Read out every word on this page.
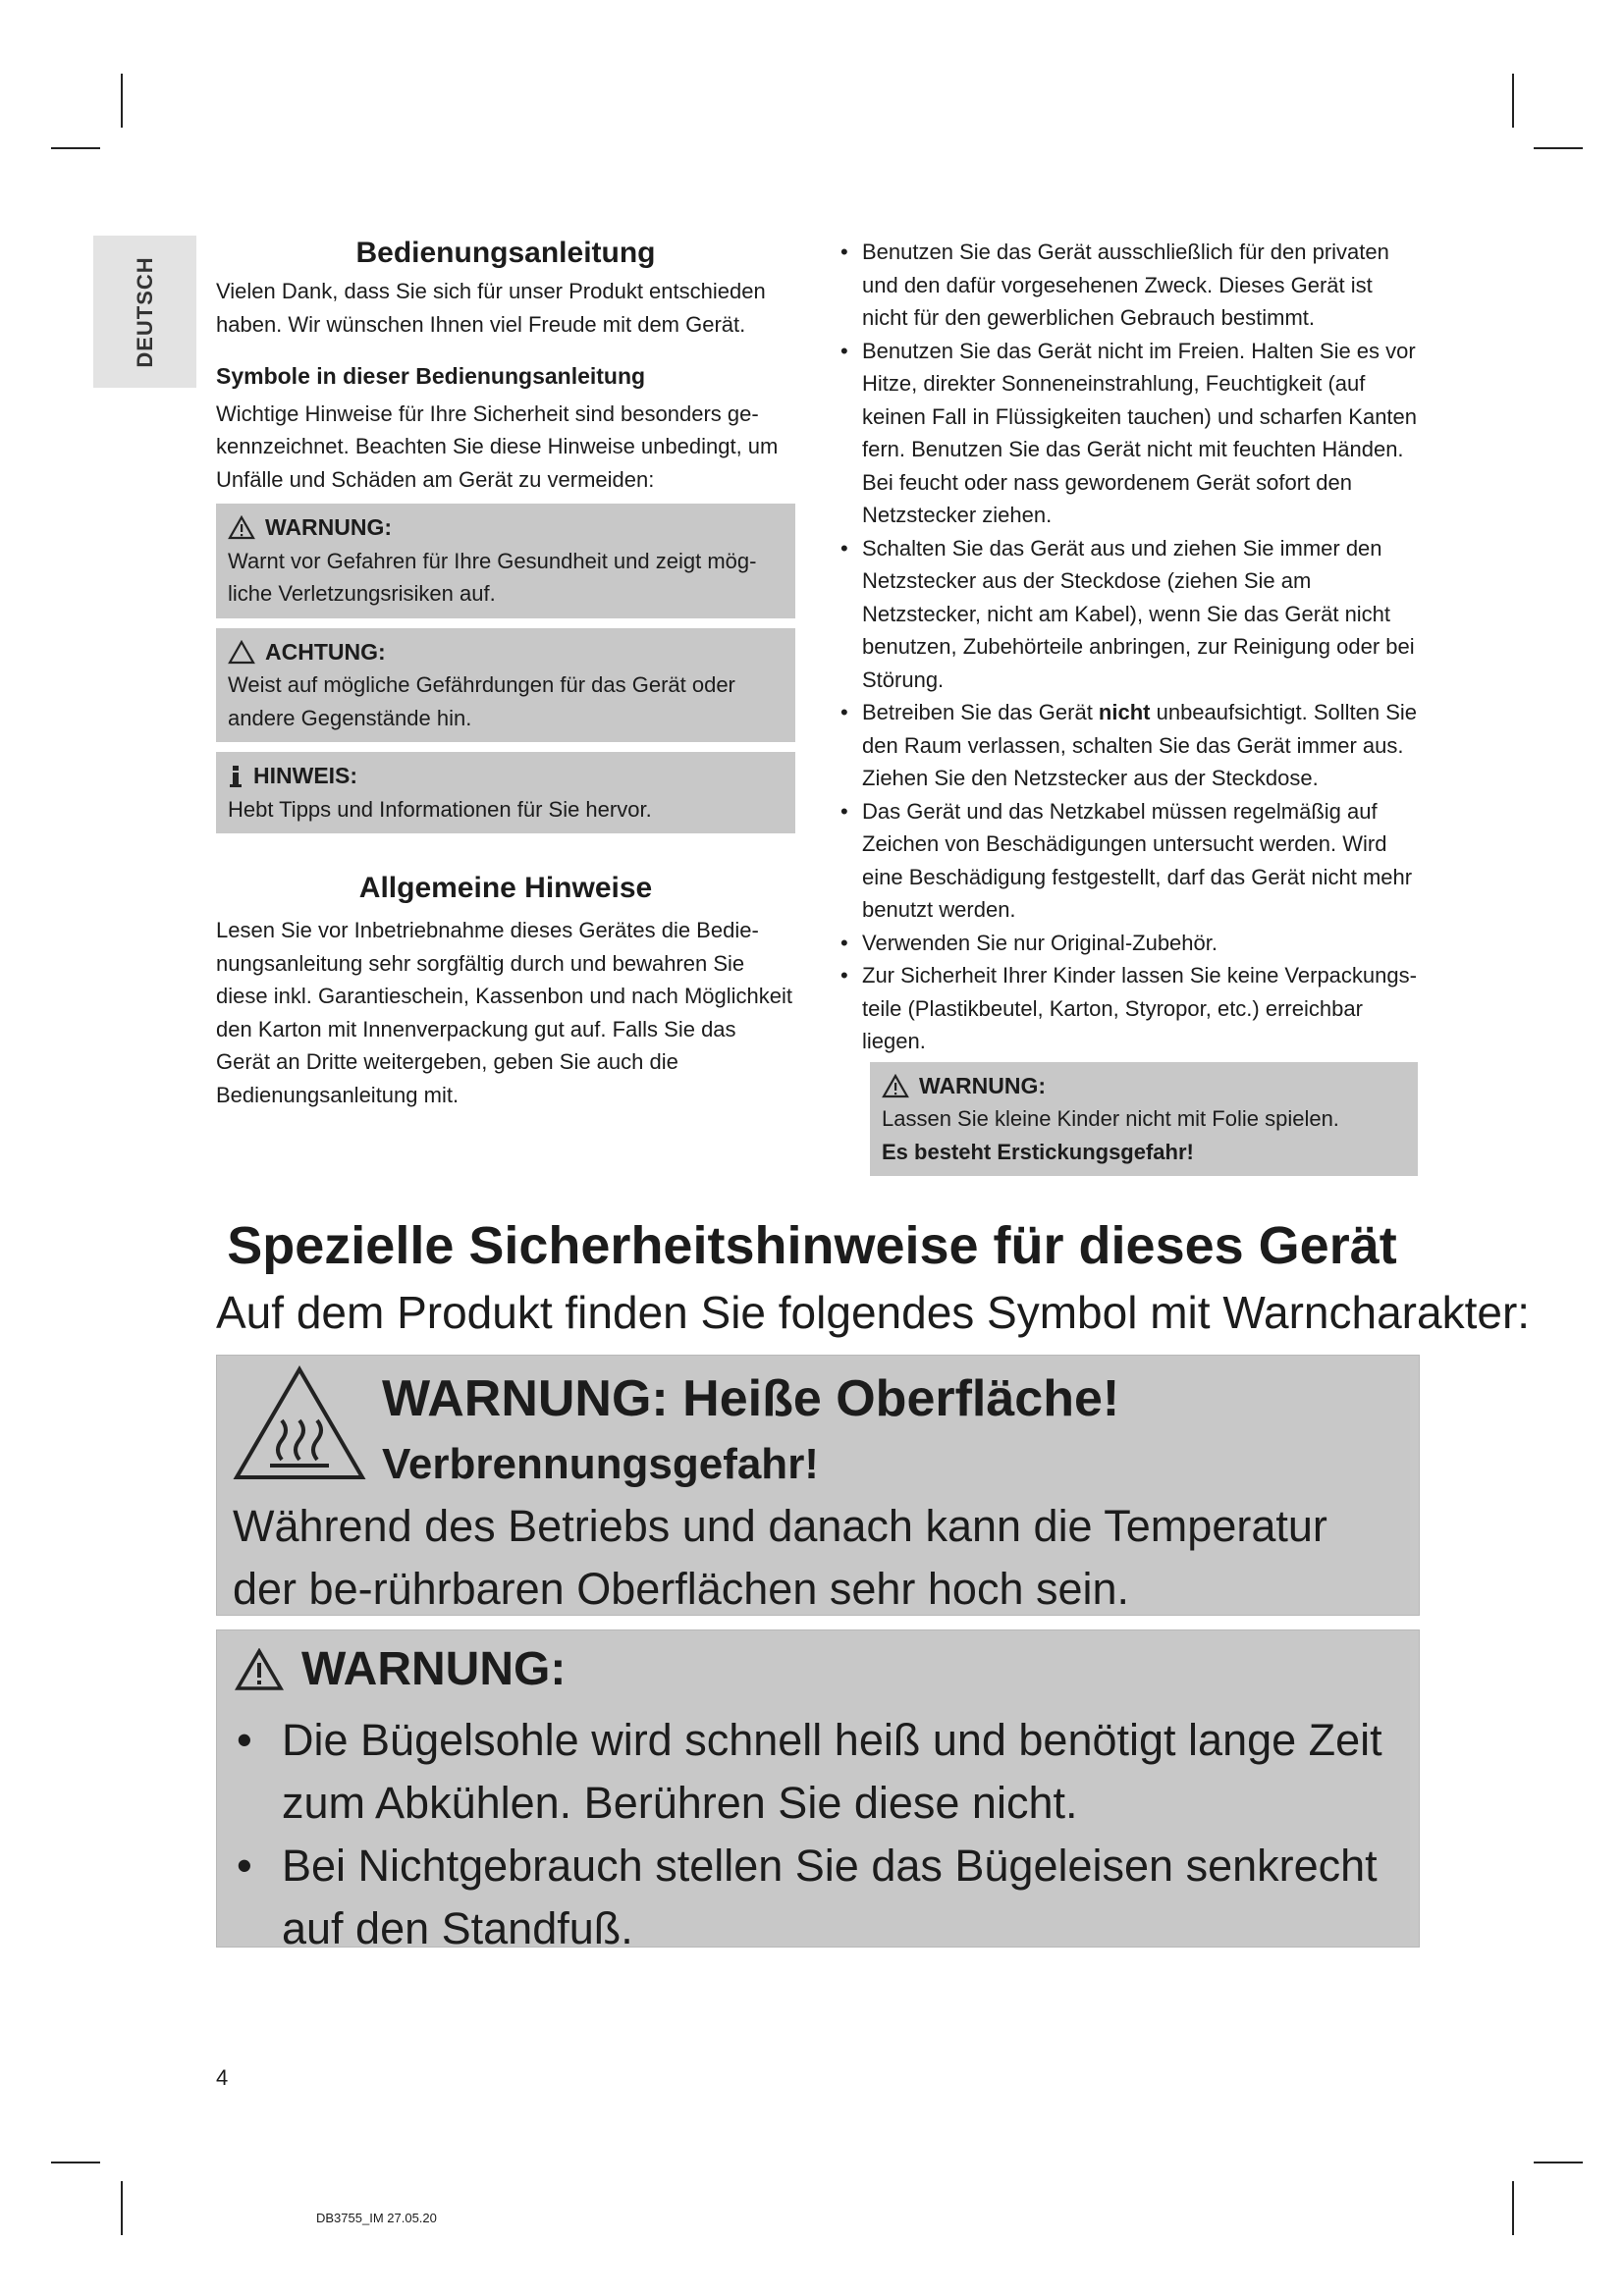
DEUTSCH
Bedienungsanleitung

Vielen Dank, dass Sie sich für unser Produkt entschieden haben. Wir wünschen Ihnen viel Freude mit dem Gerät.

Symbole in dieser Bedienungsanleitung

Wichtige Hinweise für Ihre Sicherheit sind besonders ge-kennzeichnet. Beachten Sie diese Hinweise unbedingt, um Unfälle und Schäden am Gerät zu vermeiden:

WARNUNG:
Warnt vor Gefahren für Ihre Gesundheit und zeigt mög-liche Verletzungsrisiken auf.
ACHTUNG:
Weist auf mögliche Gefährdungen für das Gerät oder andere Gegenstände hin.
HINWEIS:
Hebt Tipps und Informationen für Sie hervor.
Allgemeine Hinweise

Lesen Sie vor Inbetriebnahme dieses Gerätes die Bedie-nungsanleitung sehr sorgfältig durch und bewahren Sie diese inkl. Garantieschein, Kassenbon und nach Möglichkeit den Karton mit Innenverpackung gut auf. Falls Sie das Gerät an Dritte weitergeben, geben Sie auch die Bedienungsanleitung mit.

• Benutzen Sie das Gerät ausschließlich für den privaten und den dafür vorgesehenen Zweck. Dieses Gerät ist nicht für den gewerblichen Gebrauch bestimmt.
• Benutzen Sie das Gerät nicht im Freien. Halten Sie es vor Hitze, direkter Sonneneinstrahlung, Feuchtigkeit (auf keinen Fall in Flüssigkeiten tauchen) und scharfen Kanten fern. Benutzen Sie das Gerät nicht mit feuchten Händen. Bei feucht oder nass gewordenem Gerät sofort den Netzstecker ziehen.
• Schalten Sie das Gerät aus und ziehen Sie immer den Netzstecker aus der Steckdose (ziehen Sie am Netzstecker, nicht am Kabel), wenn Sie das Gerät nicht benutzen, Zubehörteile anbringen, zur Reinigung oder bei Störung.
• Betreiben Sie das Gerät nicht unbeaufsichtigt. Sollten Sie den Raum verlassen, schalten Sie das Gerät immer aus. Ziehen Sie den Netzstecker aus der Steckdose.
• Das Gerät und das Netzkabel müssen regelmäßig auf Zeichen von Beschädigungen untersucht werden. Wird eine Beschädigung festgestellt, darf das Gerät nicht mehr benutzt werden.
• Verwenden Sie nur Original-Zubehör.
• Zur Sicherheit Ihrer Kinder lassen Sie keine Verpackungs-teile (Plastikbeutel, Karton, Styropor, etc.) erreichbar liegen.
WARNUNG:
Lassen Sie kleine Kinder nicht mit Folie spielen.
Es besteht Erstickungsgefahr!
Spezielle Sicherheitshinweise für dieses Gerät

Auf dem Produkt finden Sie folgendes Symbol mit Warncharakter:

WARNUNG: Heiße Oberfläche!
Verbrennungsgefahr!
Während des Betriebs und danach kann die Temperatur der be-rührbaren Oberflächen sehr hoch sein.
WARNUNG:
• Die Bügelsohle wird schnell heiß und benötigt lange Zeit zum Abkühlen. Berühren Sie diese nicht.
• Bei Nichtgebrauch stellen Sie das Bügeleisen senkrecht auf den Standfuß.
4
DB3755_IM 27.05.20
